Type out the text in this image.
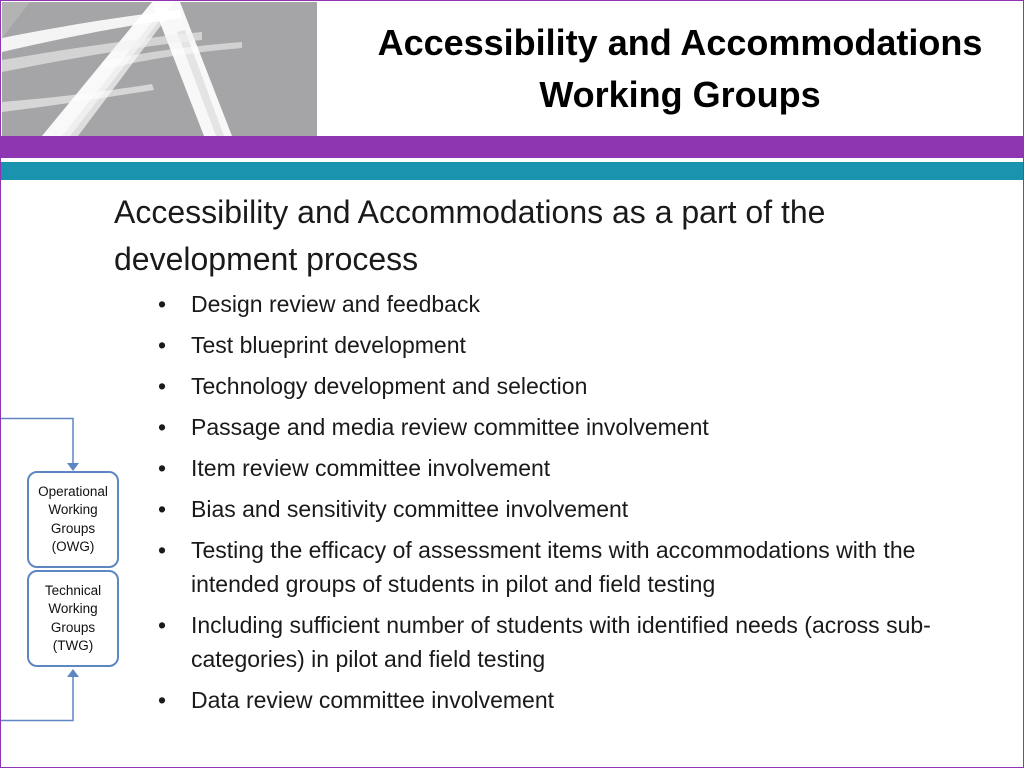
Accessibility and Accommodations
Working Groups

Accessibility and Accommodations as a part of the development process

• Design review and feedback
• Test blueprint development
• Technology development and selection
• Passage and media review committee involvement
• Item review committee involvement
• Bias and sensitivity committee involvement
• Testing the efficacy of assessment items with accommodations with the intended groups of students in pilot and field testing
• Including sufficient number of students with identified needs (across sub-categories) in pilot and field testing
• Data review committee involvement
Operational
Working
Groups
(OWG)
Technical
Working
Groups
(TWG)
